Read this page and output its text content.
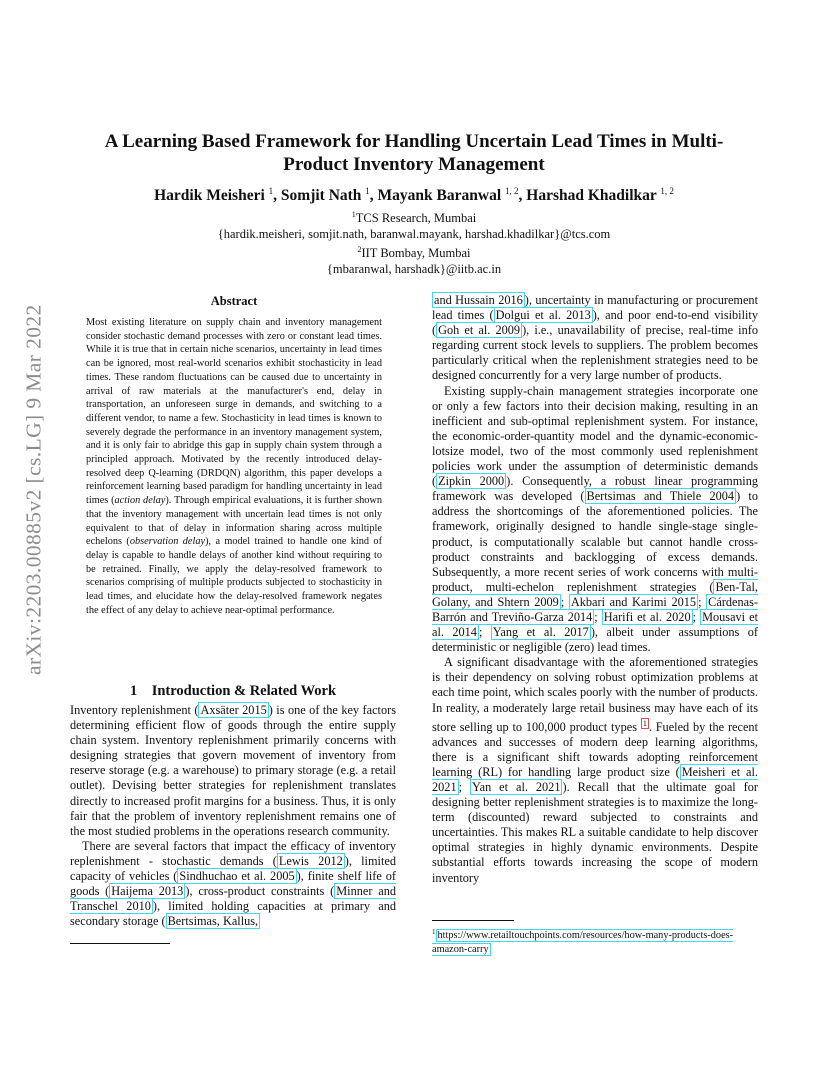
arXiv:2203.00885v2 [cs.LG] 9 Mar 2022
A Learning Based Framework for Handling Uncertain Lead Times in Multi-Product Inventory Management
Hardik Meisheri $^1$, Somjit Nath $^1$, Mayank Baranwal $^{1, 2}$, Harshad Khadilkar $^{1, 2}$
$^1$TCS Research, Mumbai
{hardik.meisheri, somjit.nath, baranwal.mayank, harshad.khadilkar}@tcs.com
$^2$IIT Bombay, Mumbai
{mbaranwal, harshadk}@iitb.ac.in
Abstract
Most existing literature on supply chain and inventory management consider stochastic demand processes with zero or constant lead times. While it is true that in certain niche scenarios, uncertainty in lead times can be ignored, most real-world scenarios exhibit stochasticity in lead times. These random fluctuations can be caused due to uncertainty in arrival of raw materials at the manufacturer's end, delay in transportation, an unforeseen surge in demands, and switching to a different vendor, to name a few. Stochasticity in lead times is known to severely degrade the performance in an inventory management system, and it is only fair to abridge this gap in supply chain system through a principled approach. Motivated by the recently introduced delay-resolved deep Q-learning (DRDQN) algorithm, this paper develops a reinforcement learning based paradigm for handling uncertainty in lead times (action delay). Through empirical evaluations, it is further shown that the inventory management with uncertain lead times is not only equivalent to that of delay in information sharing across multiple echelons (observation delay), a model trained to handle one kind of delay is capable to handle delays of another kind without requiring to be retrained. Finally, we apply the delay-resolved framework to scenarios comprising of multiple products subjected to stochasticity in lead times, and elucidate how the delay-resolved framework negates the effect of any delay to achieve near-optimal performance.
1 Introduction & Related Work

Inventory replenishment ( Axsäter 2015 ) is one of the key factors determining efficient flow of goods through the entire supply chain system. Inventory replenishment primarily concerns with designing strategies that govern movement of inventory from reserve storage (e.g. a warehouse) to primary storage (e.g. a retail outlet). Devising better strategies for replenishment translates directly to increased profit margins for a business. Thus, it is only fair that the problem of inventory replenishment remains one of the most studied problems in the operations research community.

There are several factors that impact the efficacy of inventory replenishment - stochastic demands ( Lewis 2012 ), limited capacity of vehicles ( Sindhuchao et al. 2005 ), finite shelf life of goods ( Haijema 2013 ), cross-product constraints ( Minner and Transchel 2010 ), limited holding capacities at primary and secondary storage ( Bertsimas, Kallus,

and Hussain 2016 ), uncertainty in manufacturing or procurement lead times ( Dolgui et al. 2013 ), and poor end-to-end visibility ( Goh et al. 2009 ), i.e., unavailability of precise, real-time info regarding current stock levels to suppliers. The problem becomes particularly critical when the replenishment strategies need to be designed concurrently for a very large number of products.

Existing supply-chain management strategies incorporate one or only a few factors into their decision making, resulting in an inefficient and sub-optimal replenishment system. For instance, the economic-order-quantity model and the dynamic-economic-lotsize model, two of the most commonly used replenishment policies work under the assumption of deterministic demands ( Zipkin 2000 ). Consequently, a robust linear programming framework was developed ( Bertsimas and Thiele 2004 ) to address the shortcomings of the aforementioned policies. The framework, originally designed to handle single-stage single-product, is computationally scalable but cannot handle cross-product constraints and backlogging of excess demands. Subsequently, a more recent series of work concerns with multi-product, multi-echelon replenishment strategies ( Ben-Tal, Golany, and Shtern 2009 ; Akbari and Karimi 2015 ; Cárdenas-Barrón and Treviño-Garza 2014 ; Harifi et al. 2020 ; Mousavi et al. 2014 ; Yang et al. 2017 ), albeit under assumptions of deterministic or negligible (zero) lead times.

A significant disadvantage with the aforementioned strategies is their dependency on solving robust optimization problems at each time point, which scales poorly with the number of products. In reality, a moderately large retail business may have each of its store selling up to 100,000 product types $^1$ . Fueled by the recent advances and successes of modern deep learning algorithms, there is a significant shift towards adopting reinforcement learning (RL) for handling large product size ( Meisheri et al. 2021 ; Yan et al. 2021 ). Recall that the ultimate goal for designing better replenishment strategies is to maximize the long-term (discounted) reward subjected to constraints and uncertainties. This makes RL a suitable candidate to help discover optimal strategies in highly dynamic environments. Despite substantial efforts towards increasing the scope of modern inventory

$^1$ https://www.retailtouchpoints.com/resources/how-many-products-does-amazon-carry
